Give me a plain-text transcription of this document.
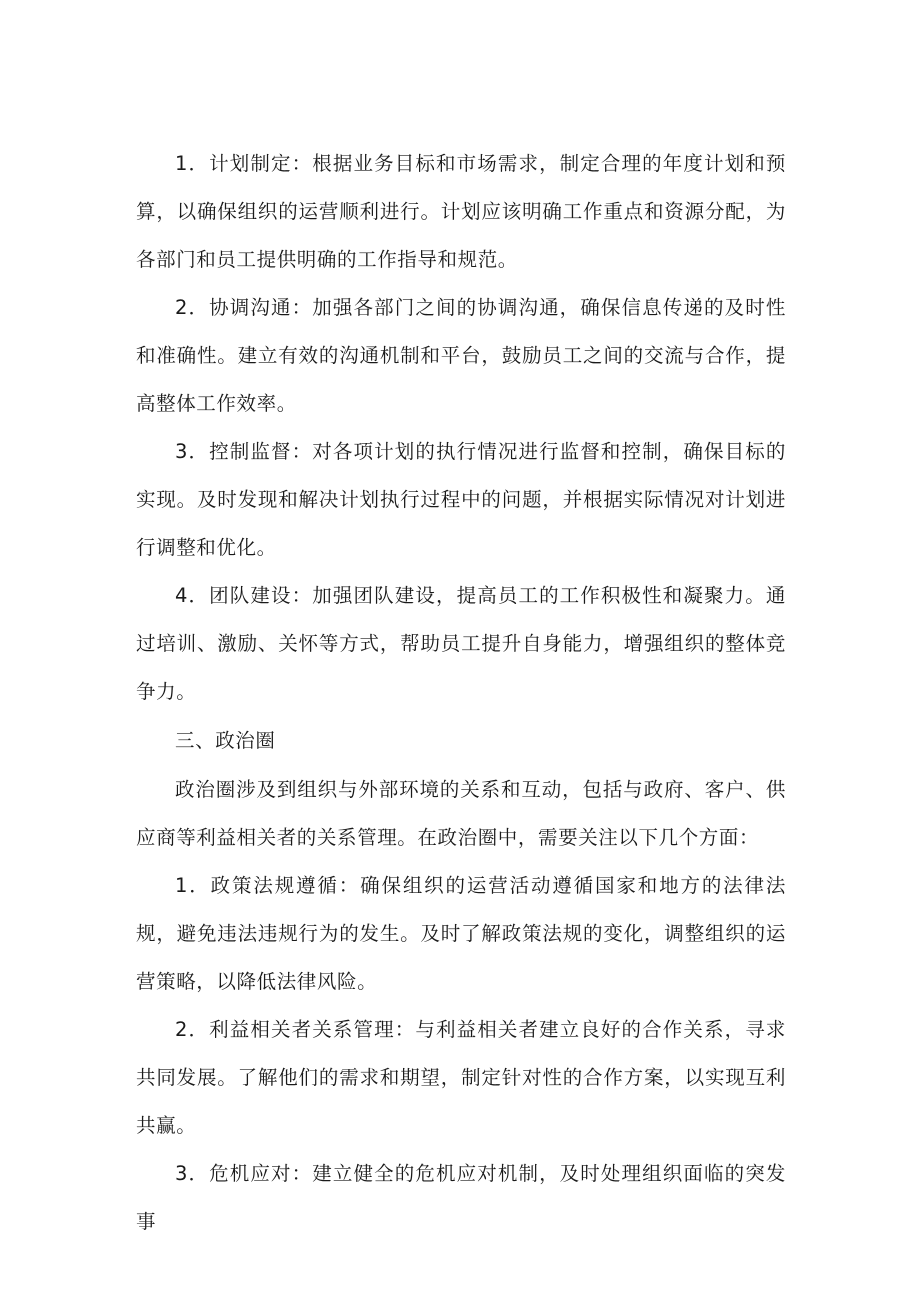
1．计划制定：根据业务目标和市场需求，制定合理的年度计划和预算，以确保组织的运营顺利进行。计划应该明确工作重点和资源分配，为各部门和员工提供明确的工作指导和规范。

2．协调沟通：加强各部门之间的协调沟通，确保信息传递的及时性和准确性。建立有效的沟通机制和平台，鼓励员工之间的交流与合作，提高整体工作效率。

3．控制监督：对各项计划的执行情况进行监督和控制，确保目标的实现。及时发现和解决计划执行过程中的问题，并根据实际情况对计划进行调整和优化。

4．团队建设：加强团队建设，提高员工的工作积极性和凝聚力。通过培训、激励、关怀等方式，帮助员工提升自身能力，增强组织的整体竞争力。

三、政治圈

政治圈涉及到组织与外部环境的关系和互动，包括与政府、客户、供应商等利益相关者的关系管理。在政治圈中，需要关注以下几个方面：

1．政策法规遵循：确保组织的运营活动遵循国家和地方的法律法规，避免违法违规行为的发生。及时了解政策法规的变化，调整组织的运营策略，以降低法律风险。

2．利益相关者关系管理：与利益相关者建立良好的合作关系，寻求共同发展。了解他们的需求和期望，制定针对性的合作方案，以实现互利共赢。

3．危机应对：建立健全的危机应对机制，及时处理组织面临的突发事
